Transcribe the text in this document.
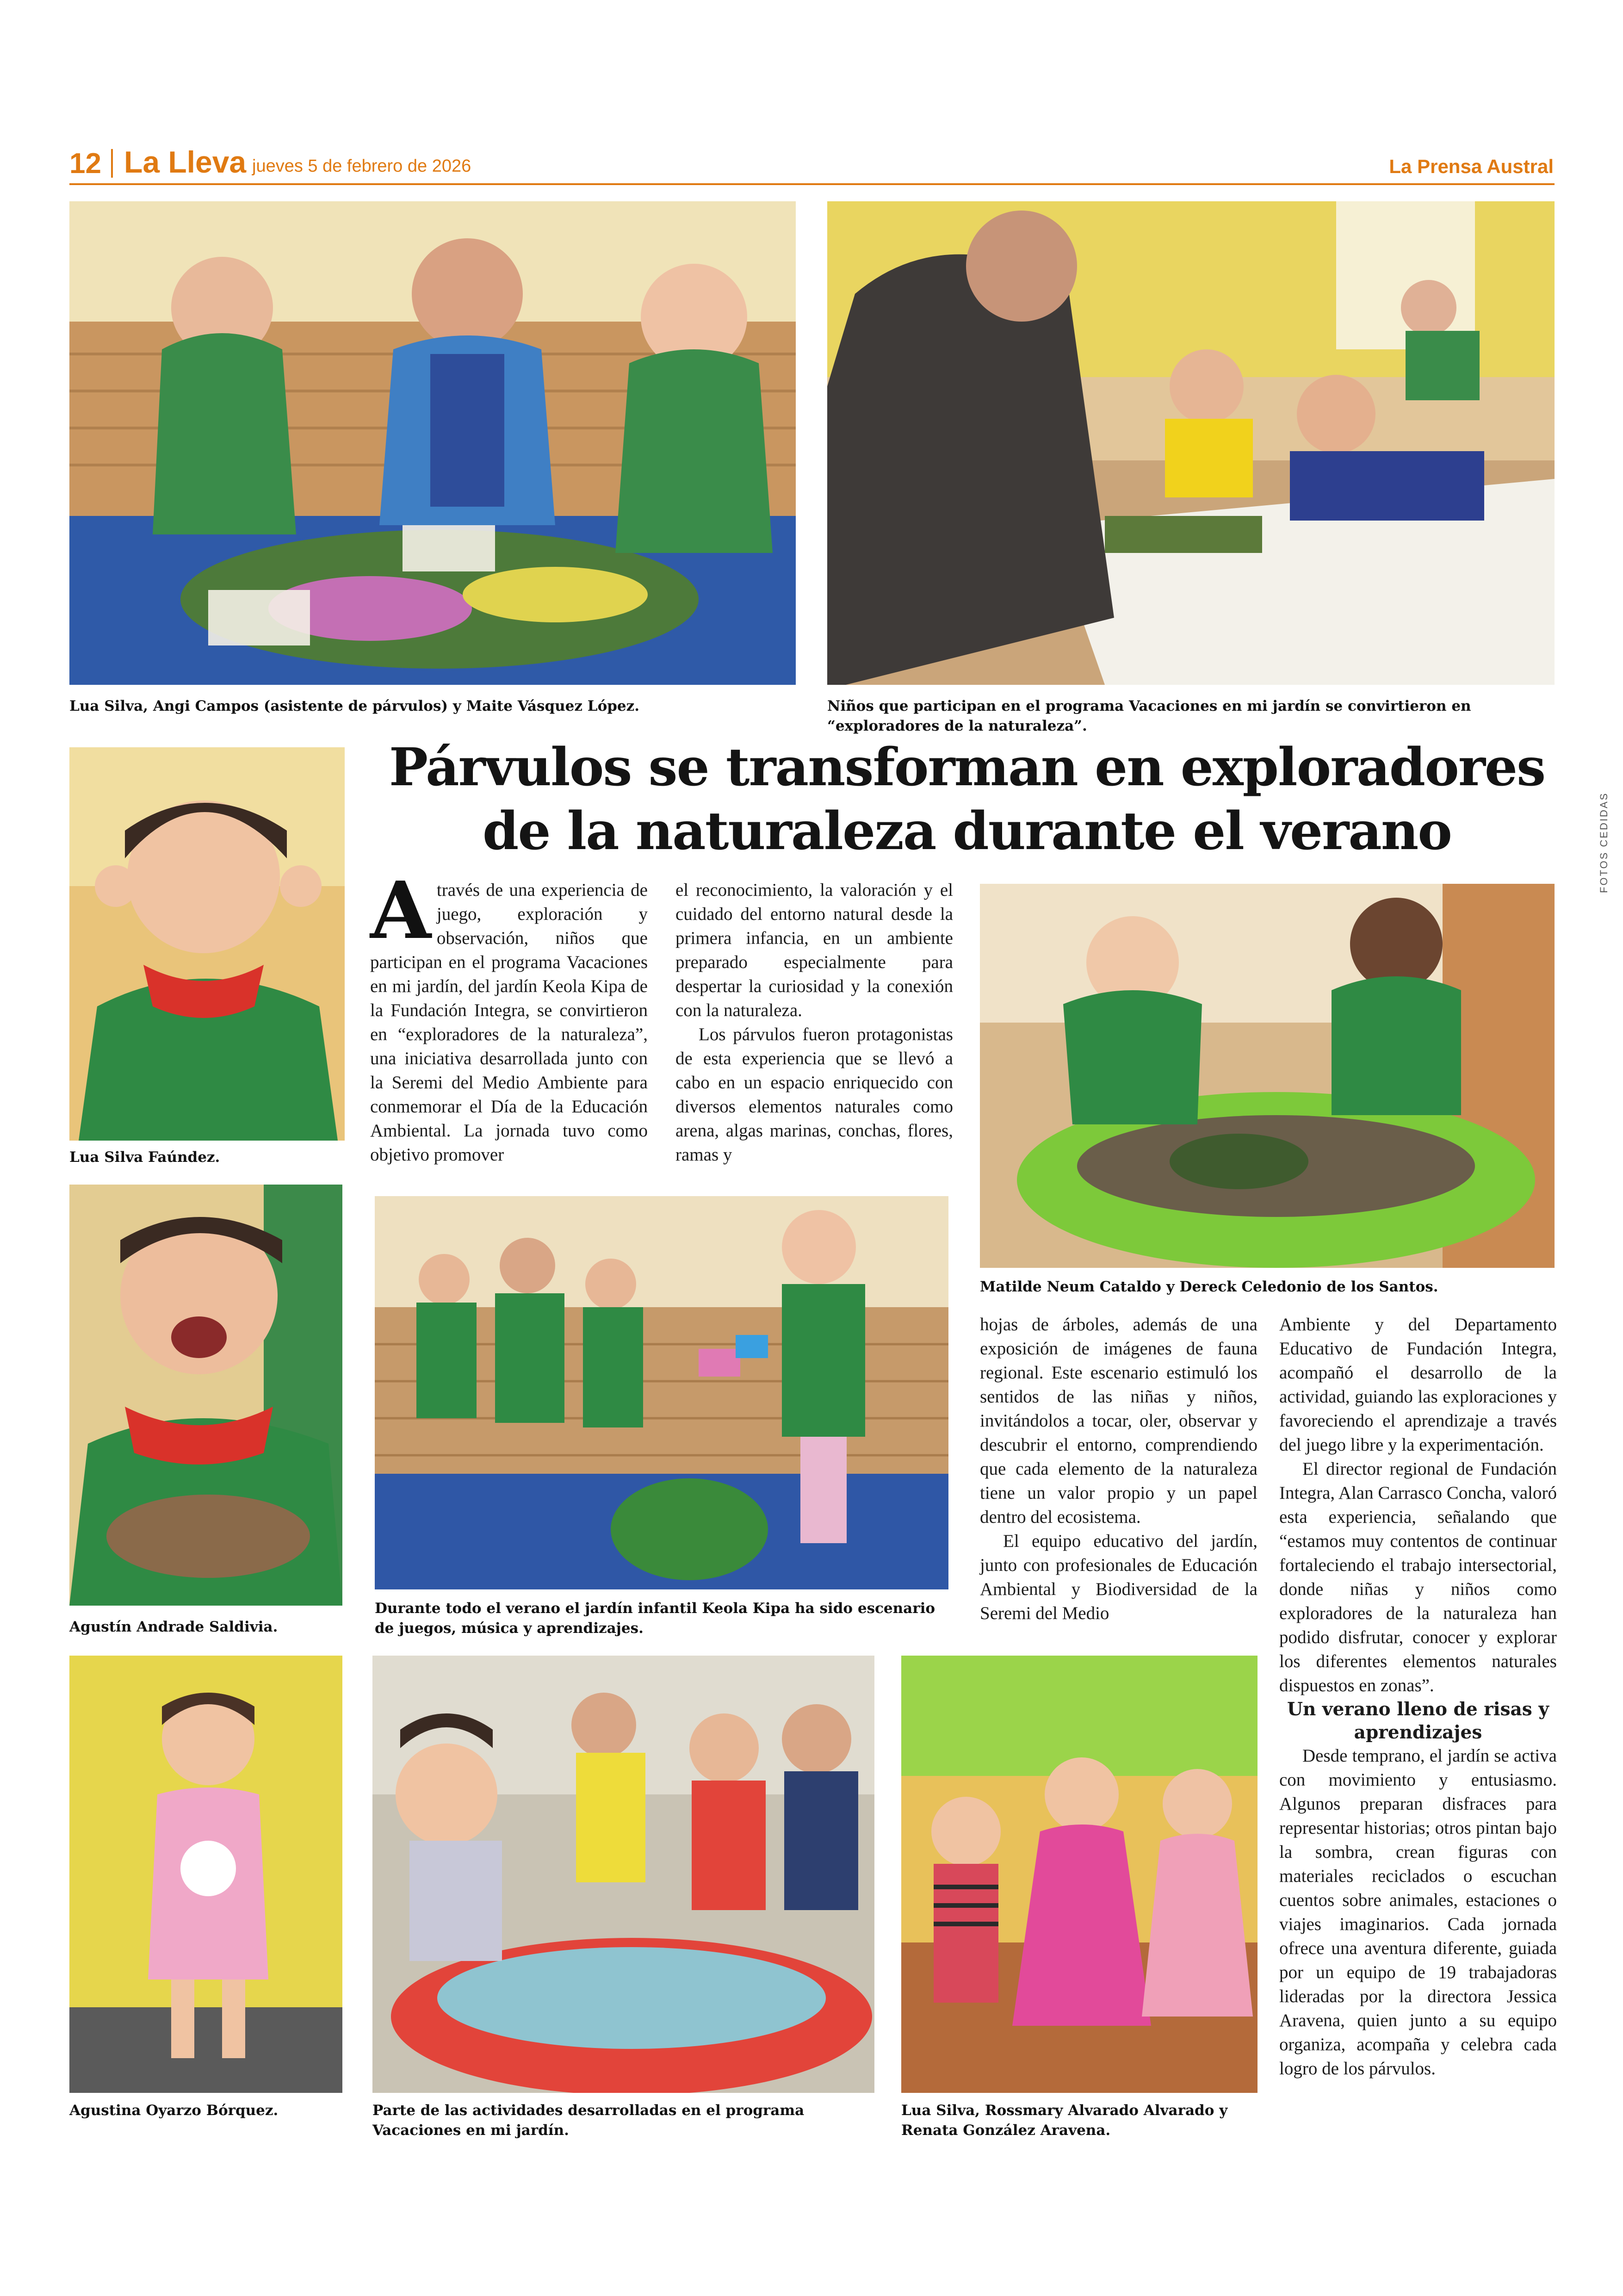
12 La Lleva jueves 5 de febrero de 2026	La Prensa Austral

Lua Silva, Angi Campos (asistente de párvulos) y Maite Vásquez López.	Niños que participan en el programa Vacaciones en mi jardín se convirtieron en “exploradores de la naturaleza”.

Párvulos se transforman en exploradores
de la naturaleza durante el verano

Lua Silva Faúndez.

Através de una experiencia de juego, exploración y observación, niños que participan en el programa Vacaciones en mi jardín, del jardín Keola Kipa de la Fundación Integra, se convirtieron en “exploradores de la naturaleza”, una iniciativa desarrollada junto con la Seremi del Medio Ambiente para conmemorar el Día de la Educación Ambiental. La jornada tuvo como objetivo promover

el reconocimiento, la valoración y el cuidado del entorno natural desde la primera infancia, en un ambiente preparado especialmente para despertar la curiosidad y la conexión con la naturaleza.

Los párvulos fueron protagonistas de esta experiencia que se llevó a cabo en un espacio enriquecido con diversos elementos naturales como arena, algas marinas, conchas, flores, ramas y

Matilde Neum Cataldo y Dereck Celedonio de los Santos.

Agustín Andrade Saldivia.

Durante todo el verano el jardín infantil Keola Kipa ha sido escenario de juegos, música y aprendizajes.

hojas de árboles, además de una exposición de imágenes de fauna regional. Este escenario estimuló los sentidos de las niñas y niños, invitándolos a tocar, oler, observar y descubrir el entorno, comprendiendo que cada elemento de la naturaleza tiene un valor propio y un papel dentro del ecosistema.

El equipo educativo del jardín, junto con profesionales de Educación Ambiental y Biodiversidad de la Seremi del Medio

Ambiente y del Departamento Educativo de Fundación Integra, acompañó el desarrollo de la actividad, guiando las exploraciones y favoreciendo el aprendizaje a través del juego libre y la experimentación.

El director regional de Fundación Integra, Alan Carrasco Concha, valoró esta experiencia, señalando que “estamos muy contentos de continuar fortaleciendo el trabajo intersectorial, donde niñas y niños como exploradores de la naturaleza han podido disfrutar, conocer y explorar los diferentes elementos naturales dispuestos en zonas”.

Un verano lleno de risas y aprendizajes

Desde temprano, el jardín se activa con movimiento y entusiasmo. Algunos preparan disfraces para representar historias; otros pintan bajo la sombra, crean figuras con materiales reciclados o escuchan cuentos sobre animales, estaciones o viajes imaginarios. Cada jornada ofrece una aventura diferente, guiada por un equipo de 19 trabajadoras lideradas por la directora Jessica Aravena, quien junto a su equipo organiza, acompaña y celebra cada logro de los párvulos.

Agustina Oyarzo Bórquez.	Parte de las actividades desarrolladas en el programa Vacaciones en mi jardín.

Lua Silva, Rossmary Alvarado Alvarado y Renata González Aravena.

FOTOS CEDIDAS
